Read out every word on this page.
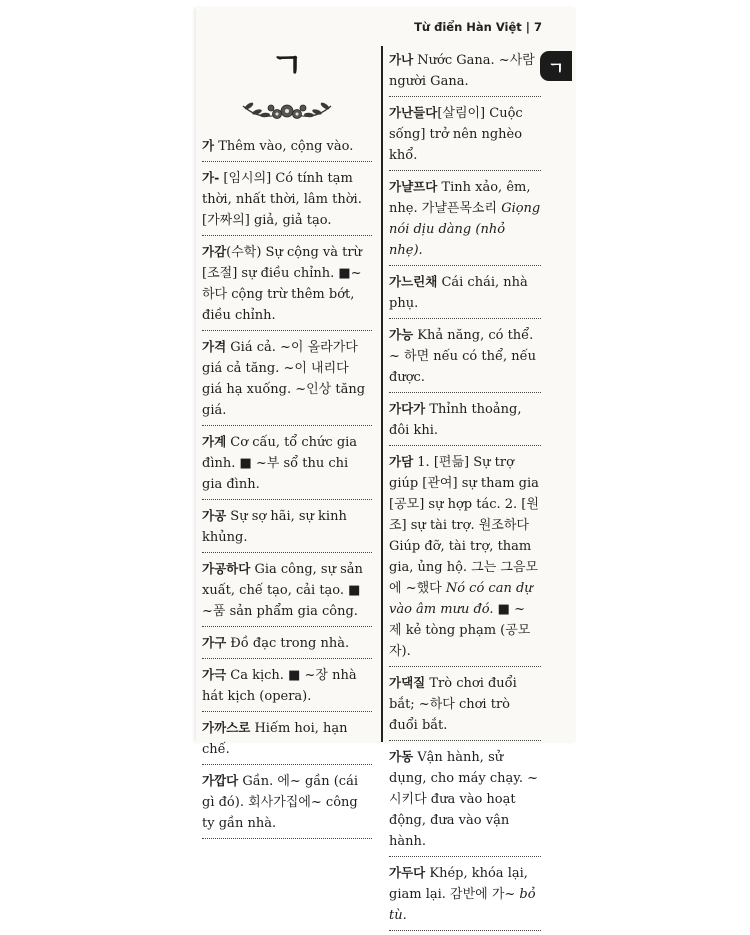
Từ điển Hàn Việt | 7
ㄱ
ㄱ
가 Thêm vào, cộng vào.
가- [임시의] Có tính tạm thời, nhất thời, lâm thời. [가짜의] giả, giả tạo.
가감(수학) Sự cộng và trừ [조절] sự điều chỉnh. ■~ 하다 cộng trừ thêm bớt, điều chỉnh.
가격 Giá cả. ~이 올라가다 giá cả tăng. ~이 내리다 giá hạ xuống. ~인상 tăng giá.
가계 Cơ cấu, tổ chức gia đình. ■ ~부 sổ thu chi gia đình.
가공 Sự sợ hãi, sự kinh khủng.
가공하다 Gia công, sự sản xuất, chế tạo, cải tạo. ■ ~품 sản phẩm gia công.
가구 Đồ đạc trong nhà.
가극 Ca kịch. ■ ~장 nhà hát kịch (opera).
가까스로 Hiếm hoi, hạn chế.
가깝다 Gần. 에~ gần (cái gì đó). 회사가집에~ công ty gần nhà.
가나 Nước Gana. ~사람 người Gana.
가난들다[살림이] Cuộc sống] trở nên nghèo khổ.
가냘프다 Tinh xảo, êm, nhẹ. 가냘픈목소리 Giọng nói dịu dàng (nhỏ nhẹ).
가느린채 Cái chái, nhà phụ.
가능 Khả năng, có thể. ~ 하면 nếu có thể, nếu được.
가다가 Thỉnh thoảng, đôi khi.
가담 1. [편듦] Sự trợ giúp [관여] sự tham gia [공모] sự hợp tác. 2. [원조] sự tài trợ. 원조하다 Giúp đỡ, tài trợ, tham gia, ủng hộ. 그는 그음모에 ~했다 Nó có can dự vào âm mưu đó. ■ ~ 제 kẻ tòng phạm (공모자).
가댁질 Trò chơi đuổi bắt; ~하다 chơi trò đuổi bắt.
가동 Vận hành, sử dụng, cho máy chạy. ~시키다 đưa vào hoạt động, đưa vào vận hành.
가두다 Khép, khóa lại, giam lại. 감반에 가~ bỏ tù.
